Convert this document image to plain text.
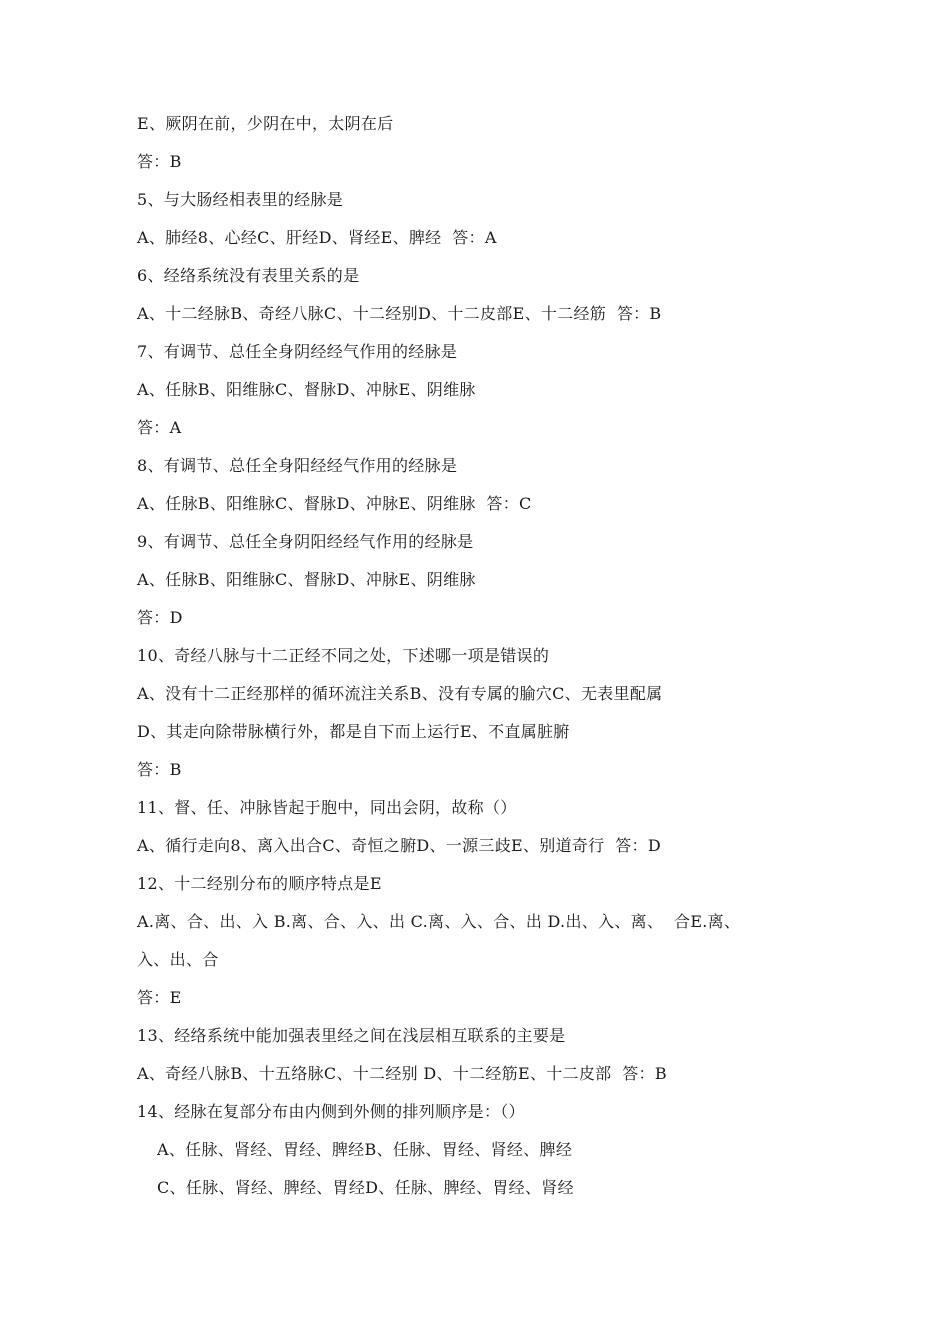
E、厥阴在前，少阴在中，太阴在后
答：B
5、与大肠经相表里的经脉是
A、肺经8、心经C、肝经D、肾经E、脾经  答：A
6、经络系统没有表里关系的是
A、十二经脉B、奇经八脉C、十二经别D、十二皮部E、十二经筋  答：B
7、有调节、总任全身阴经经气作用的经脉是
A、任脉B、阳维脉C、督脉D、冲脉E、阴维脉
答：A
8、有调节、总任全身阳经经气作用的经脉是
A、任脉B、阳维脉C、督脉D、冲脉E、阴维脉  答：C
9、有调节、总任全身阴阳经经气作用的经脉是
A、任脉B、阳维脉C、督脉D、冲脉E、阴维脉
答：D
10、奇经八脉与十二正经不同之处，下述哪一项是错误的
A、没有十二正经那样的循环流注关系B、没有专属的腧穴C、无表里配属
D、其走向除带脉横行外，都是自下而上运行E、不直属脏腑
答：B
11、督、任、冲脉皆起于胞中，同出会阴，故称（）
A、循行走向8、离入出合C、奇恒之腑D、一源三歧E、别道奇行  答：D
12、十二经别分布的顺序特点是E
A.离、合、出、入 B.离、合、入、出 C.离、入、合、出 D.出、入、离、  合E.离、
入、出、合
答：E
13、经络系统中能加强表里经之间在浅层相互联系的主要是
A、奇经八脉B、十五络脉C、十二经别 D、十二经筋E、十二皮部  答：B
14、经脉在复部分布由内侧到外侧的排列顺序是：（）
A、任脉、肾经、胃经、脾经B、任脉、胃经、肾经、脾经
C、任脉、肾经、脾经、胃经D、任脉、脾经、胃经、肾经
